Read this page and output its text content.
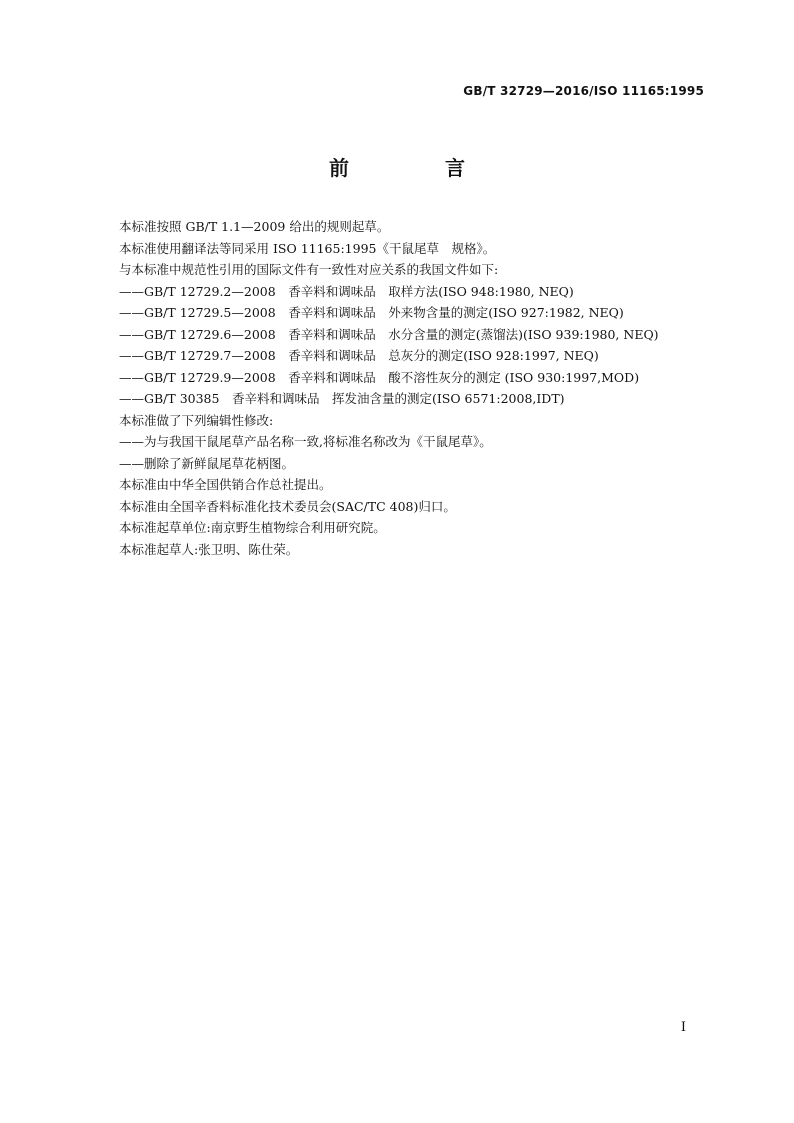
GB/T 32729—2016/ISO 11165:1995
前　言
本标准按照 GB/T 1.1—2009 给出的规则起草。
本标准使用翻译法等同采用 ISO 11165:1995《干鼠尾草　规格》。
与本标准中规范性引用的国际文件有一致性对应关系的我国文件如下:
——GB/T 12729.2—2008　香辛料和调味品　取样方法(ISO 948:1980, NEQ)
——GB/T 12729.5—2008　香辛料和调味品　外来物含量的测定(ISO 927:1982, NEQ)
——GB/T 12729.6—2008　香辛料和调味品　水分含量的测定(蒸馏法)(ISO 939:1980, NEQ)
——GB/T 12729.7—2008　香辛料和调味品　总灰分的测定(ISO 928:1997, NEQ)
——GB/T 12729.9—2008　香辛料和调味品　酸不溶性灰分的测定 (ISO 930:1997,MOD)
——GB/T 30385　香辛料和调味品　挥发油含量的测定(ISO 6571:2008,IDT)
本标准做了下列编辑性修改:
——为与我国干鼠尾草产品名称一致,将标准名称改为《干鼠尾草》。
——删除了新鲜鼠尾草花柄图。
本标准由中华全国供销合作总社提出。
本标准由全国辛香料标准化技术委员会(SAC/TC 408)归口。
本标准起草单位:南京野生植物综合利用研究院。
本标准起草人:张卫明、陈仕荣。
I
